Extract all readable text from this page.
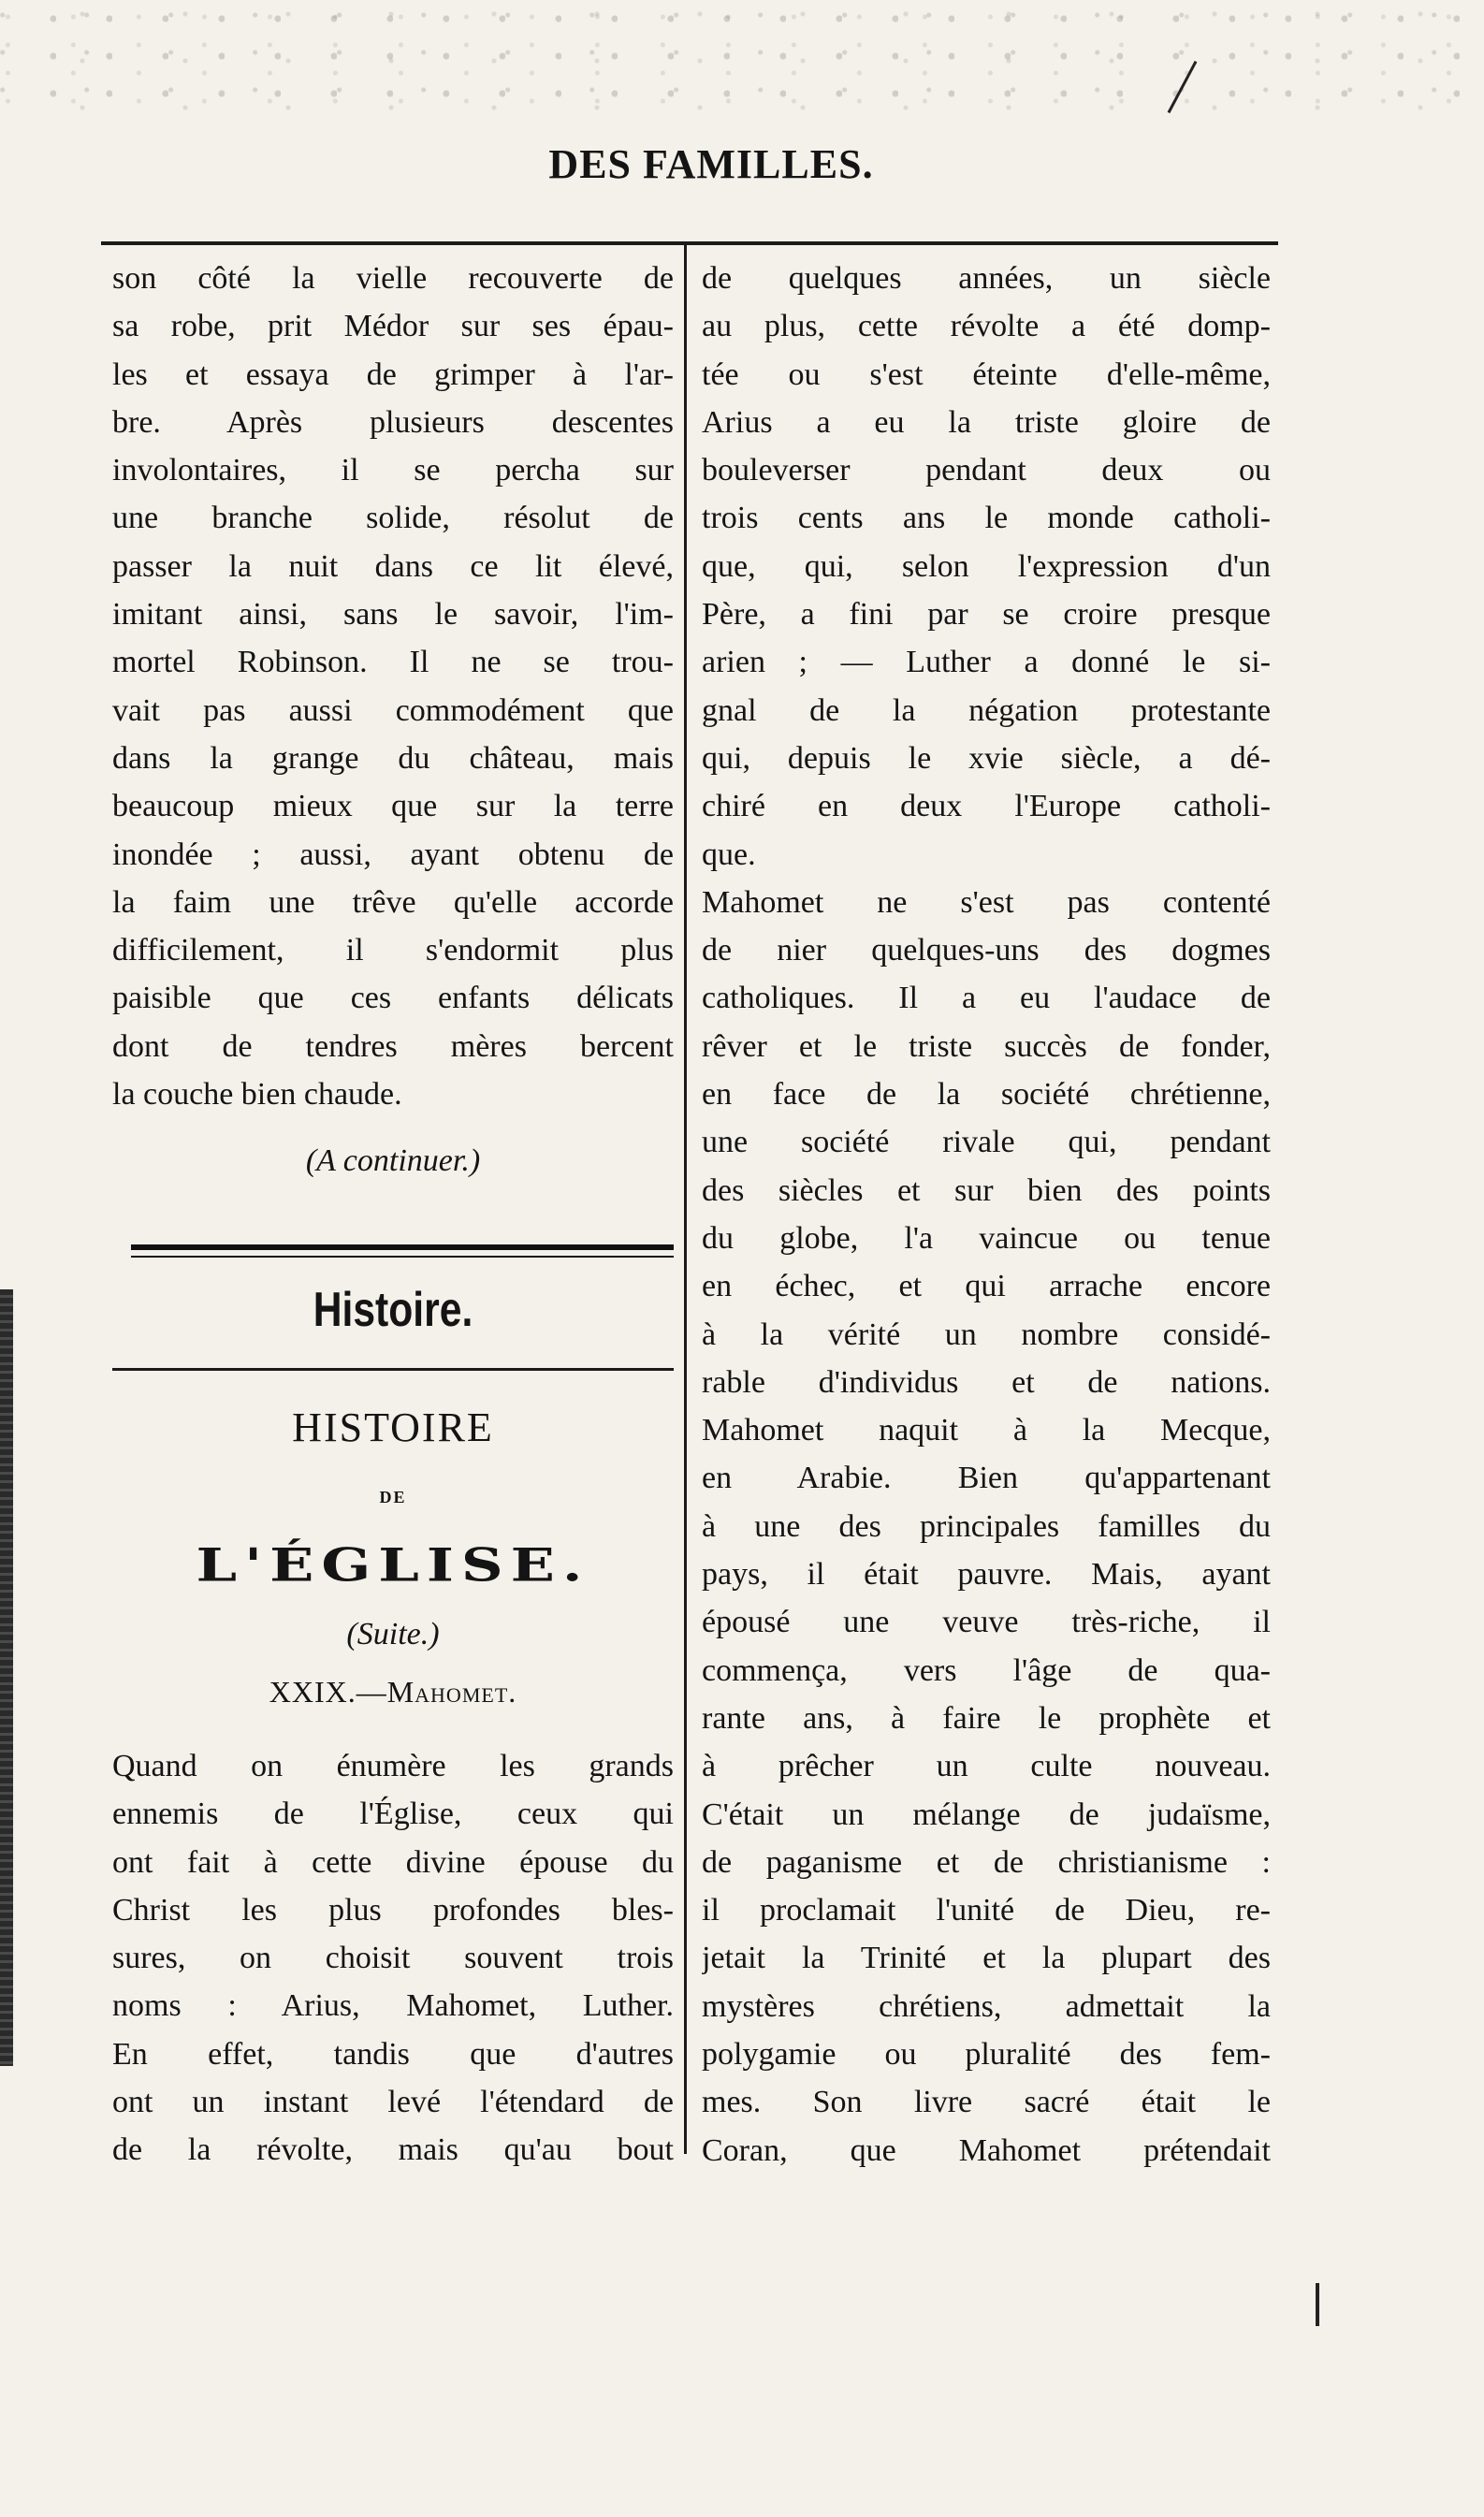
DES FAMILLES.
son côté la vielle recouverte de
sa robe, prit Médor sur ses épau-
les et essaya de grimper à l'ar-
bre. Après plusieurs descentes
involontaires, il se percha sur
une branche solide, résolut de
passer la nuit dans ce lit élevé,
imitant ainsi, sans le savoir, l'im-
mortel Robinson. Il ne se trou-
vait pas aussi commodément que
dans la grange du château, mais
beaucoup mieux que sur la terre
inondée ; aussi, ayant obtenu de
la faim une trêve qu'elle accorde
difficilement, il s'endormit plus
paisible que ces enfants délicats
dont de tendres mères bercent
la couche bien chaude.
(A continuer.)
Histoire.
HISTOIRE
DE
L'ÉGLISE.
(Suite.)
XXIX.—Mahomet.
Quand on énumère les grands
ennemis de l'Église, ceux qui
ont fait à cette divine épouse du
Christ les plus profondes bles-
sures, on choisit souvent trois
noms : Arius, Mahomet, Luther.
En effet, tandis que d'autres
ont un instant levé l'étendard de
de la révolte, mais qu'au bout
de quelques années, un siècle
au plus, cette révolte a été domp-
tée ou s'est éteinte d'elle-même,
Arius a eu la triste gloire de
bouleverser pendant deux ou
trois cents ans le monde catholi-
que, qui, selon l'expression d'un
Père, a fini par se croire presque
arien ; — Luther a donné le si-
gnal de la négation protestante
qui, depuis le xvie siècle, a dé-
chiré en deux l'Europe catholi-
que.
Mahomet ne s'est pas contenté
de nier quelques-uns des dogmes
catholiques. Il a eu l'audace de
rêver et le triste succès de fonder,
en face de la société chrétienne,
une société rivale qui, pendant
des siècles et sur bien des points
du globe, l'a vaincue ou tenue
en échec, et qui arrache encore
à la vérité un nombre considé-
rable d'individus et de nations.
Mahomet naquit à la Mecque,
en Arabie. Bien qu'appartenant
à une des principales familles du
pays, il était pauvre. Mais, ayant
épousé une veuve très-riche, il
commença, vers l'âge de qua-
rante ans, à faire le prophète et
à prêcher un culte nouveau.
C'était un mélange de judaïsme,
de paganisme et de christianisme :
il proclamait l'unité de Dieu, re-
jetait la Trinité et la plupart des
mystères chrétiens, admettait la
polygamie ou pluralité des fem-
mes. Son livre sacré était le
Coran, que Mahomet prétendait
